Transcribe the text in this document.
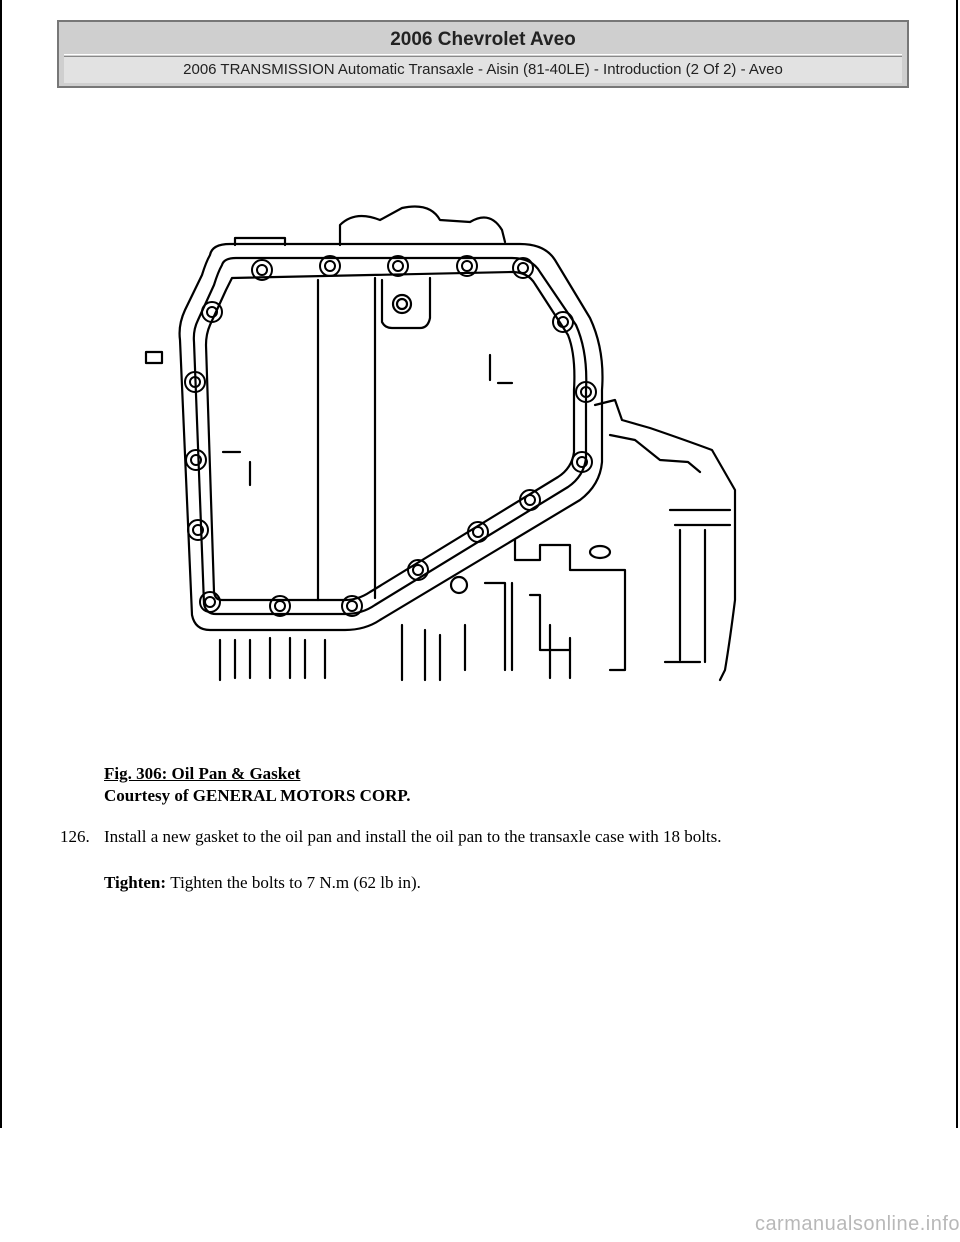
2006 Chevrolet Aveo
2006 TRANSMISSION Automatic Transaxle - Aisin (81-40LE) - Introduction (2 Of 2) - Aveo
Fig. 306: Oil Pan & Gasket
Courtesy of GENERAL MOTORS CORP.
126. Install a new gasket to the oil pan and install the oil pan to the transaxle case with 18 bolts.
Tighten: Tighten the bolts to 7 N.m (62 lb in).
carmanualsonline.info
